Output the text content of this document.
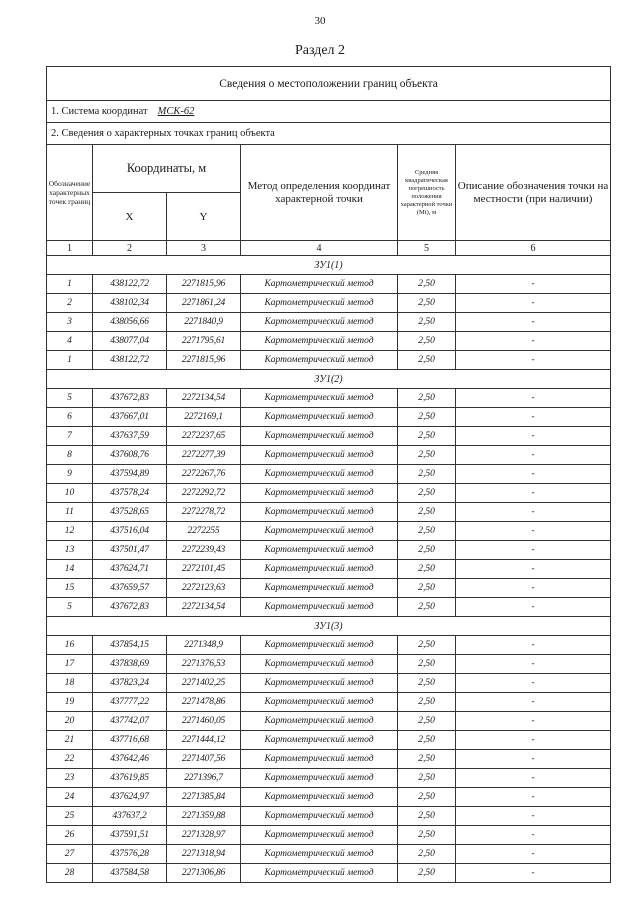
30
Раздел 2
Сведения о местоположении границ объекта					
1. Система координат МСК-62					
2. Сведения о характерных точках границ объекта					
Обозначение характерных точек границ	Координаты, м		Метод определения координат характерной точки	Средняя квадратическая погрешность положения характерной точки (Мt), м	Описание обозначения точки на местности (при наличии)
	X	Y			
1	2	3	4	5	6
ЗУ1(1)					
1	438122,72	2271815,96	Картометрический метод	2,50	-
2	438102,34	2271861,24	Картометрический метод	2,50	-
3	438056,66	2271840,9	Картометрический метод	2,50	-
4	438077,04	2271795,61	Картометрический метод	2,50	-
1	438122,72	2271815,96	Картометрический метод	2,50	-
ЗУ1(2)					
5	437672,83	2272134,54	Картометрический метод	2,50	-
6	437667,01	2272169,1	Картометрический метод	2,50	-
7	437637,59	2272237,65	Картометрический метод	2,50	-
8	437608,76	2272277,39	Картометрический метод	2,50	-
9	437594,89	2272267,76	Картометрический метод	2,50	-
10	437578,24	2272292,72	Картометрический метод	2,50	-
11	437528,65	2272278,72	Картометрический метод	2,50	-
12	437516,04	2272255	Картометрический метод	2,50	-
13	437501,47	2272239,43	Картометрический метод	2,50	-
14	437624,71	2272101,45	Картометрический метод	2,50	-
15	437659,57	2272123,63	Картометрический метод	2,50	-
5	437672,83	2272134,54	Картометрический метод	2,50	-
ЗУ1(3)					
16	437854,15	2271348,9	Картометрический метод	2,50	-
17	437838,69	2271376,53	Картометрический метод	2,50	-
18	437823,24	2271402,25	Картометрический метод	2,50	-
19	437777,22	2271478,86	Картометрический метод	2,50	-
20	437742,07	2271460,05	Картометрический метод	2,50	-
21	437716,68	2271444,12	Картометрический метод	2,50	-
22	437642,46	2271407,56	Картометрический метод	2,50	-
23	437619,85	2271396,7	Картометрический метод	2,50	-
24	437624,97	2271385,84	Картометрический метод	2,50	-
25	437637,2	2271359,88	Картометрический метод	2,50	-
26	437591,51	2271328,97	Картометрический метод	2,50	-
27	437576,28	2271318,94	Картометрический метод	2,50	-
28	437584,58	2271306,86	Картометрический метод	2,50	-
